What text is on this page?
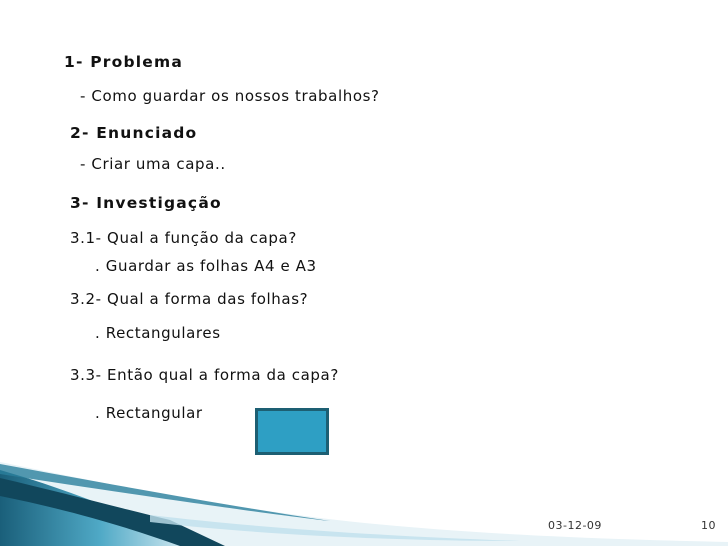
1- Problema
- Como guardar os nossos trabalhos?
2- Enunciado
- Criar uma capa..
3- Investigação
3.1- Qual a função da capa?
. Guardar as folhas A4 e A3
3.2- Qual a forma das folhas?
. Rectangulares
3.3- Então qual a forma da capa?
. Rectangular
03-12-09	10
